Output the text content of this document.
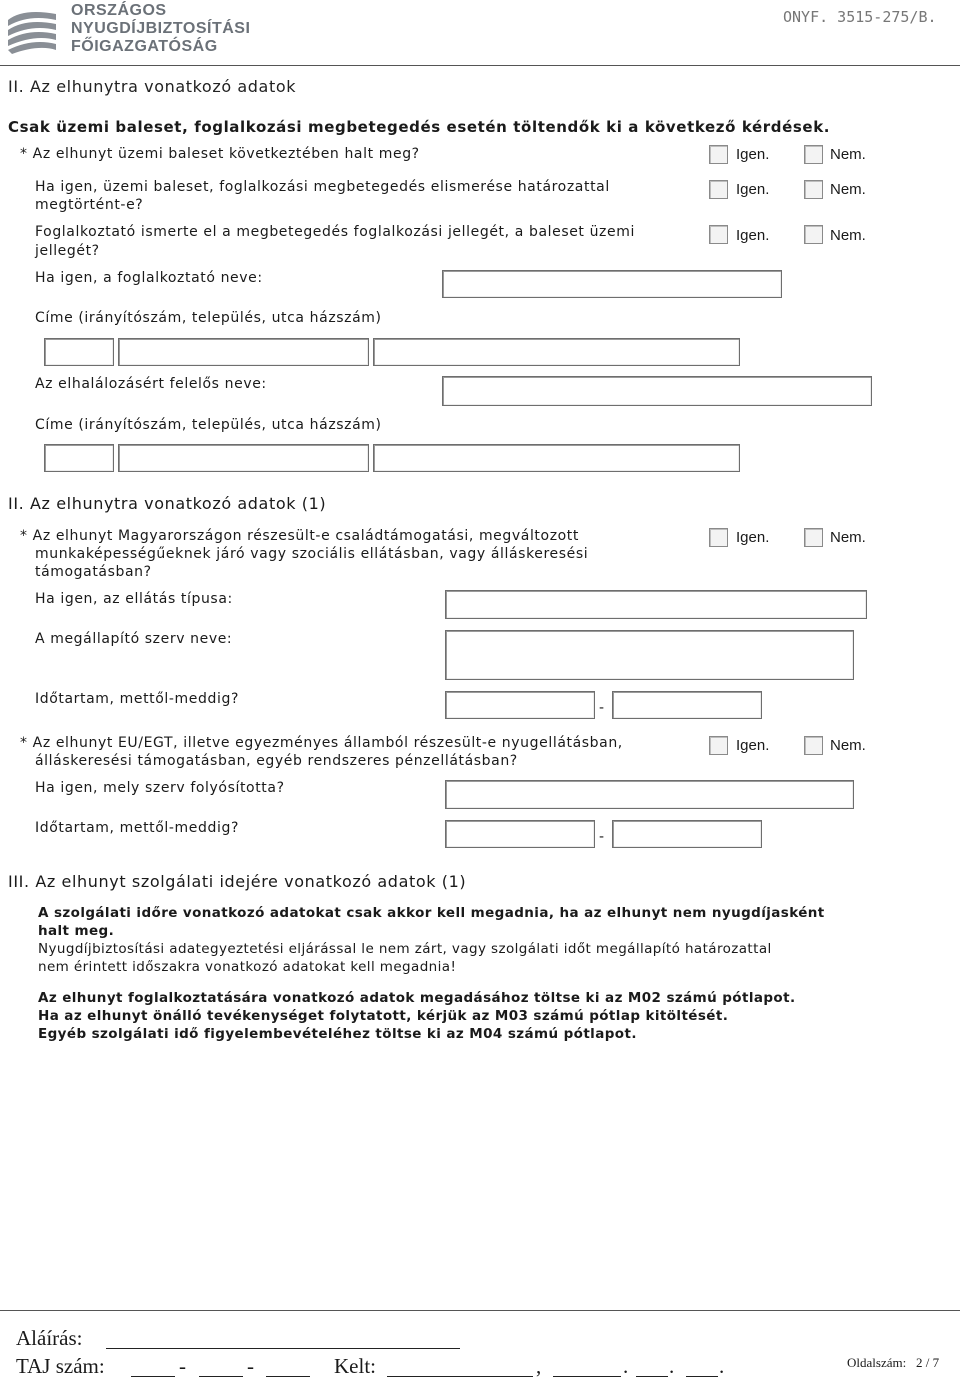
ORSZÁGOS
NYUGDÍJBIZTOSÍTÁSI
FŐIGAZGATÓSÁG
ONYF. 3515-275/B.
II. Az elhunytra vonatkozó adatok
Csak üzemi baleset, foglalkozási megbetegedés esetén töltendők ki a következő kérdések.
* Az elhunyt üzemi baleset következtében halt meg?	Igen.	Nem.
Ha igen, üzemi baleset, foglalkozási megbetegedés elismerése határozattal
megtörtént-e?
Igen.	Nem.
Foglalkoztató ismerte el a megbetegedés foglalkozási jellegét, a baleset üzemi
jellegét?
Igen.	Nem.
Ha igen, a foglalkoztató neve:
Címe (irányítószám, település, utca házszám)
Az elhalálozásért felelős neve:
Címe (irányítószám, település, utca házszám)
II. Az elhunytra vonatkozó adatok (1)
* Az elhunyt Magyarországon részesült-e családtámogatási, megváltozott
munkaképességűeknek járó vagy szociális ellátásban, vagy álláskeresési
támogatásban?
Igen.	Nem.
Ha igen, az ellátás típusa:
A megállapító szerv neve:
Időtartam, mettől-meddig?
-
* Az elhunyt EU/EGT, illetve egyezményes államból részesült-e nyugellátásban,
álláskeresési támogatásban, egyéb rendszeres pénzellátásban?
Igen.	Nem.
Ha igen, mely szerv folyósította?
Időtartam, mettől-meddig?
-
III. Az elhunyt szolgálati idejére vonatkozó adatok (1)
A szolgálati időre vonatkozó adatokat csak akkor kell megadnia, ha az elhunyt nem nyugdíjasként
halt meg.
Nyugdíjbiztosítási adategyeztetési eljárással le nem zárt, vagy szolgálati időt megállapító határozattal
nem érintett időszakra vonatkozó adatokat kell megadnia!
Az elhunyt foglalkoztatására vonatkozó adatok megadásához töltse ki az M02 számú pótlapot.
Ha az elhunyt önálló tevékenységet folytatott, kérjük az M03 számú pótlap kitöltését.
Egyéb szolgálati idő figyelembevételéhez töltse ki az M04 számú pótlapot.
Aláírás:
TAJ szám:	-	-	Kelt:	,	. . .	Oldalszám: 2 / 7
